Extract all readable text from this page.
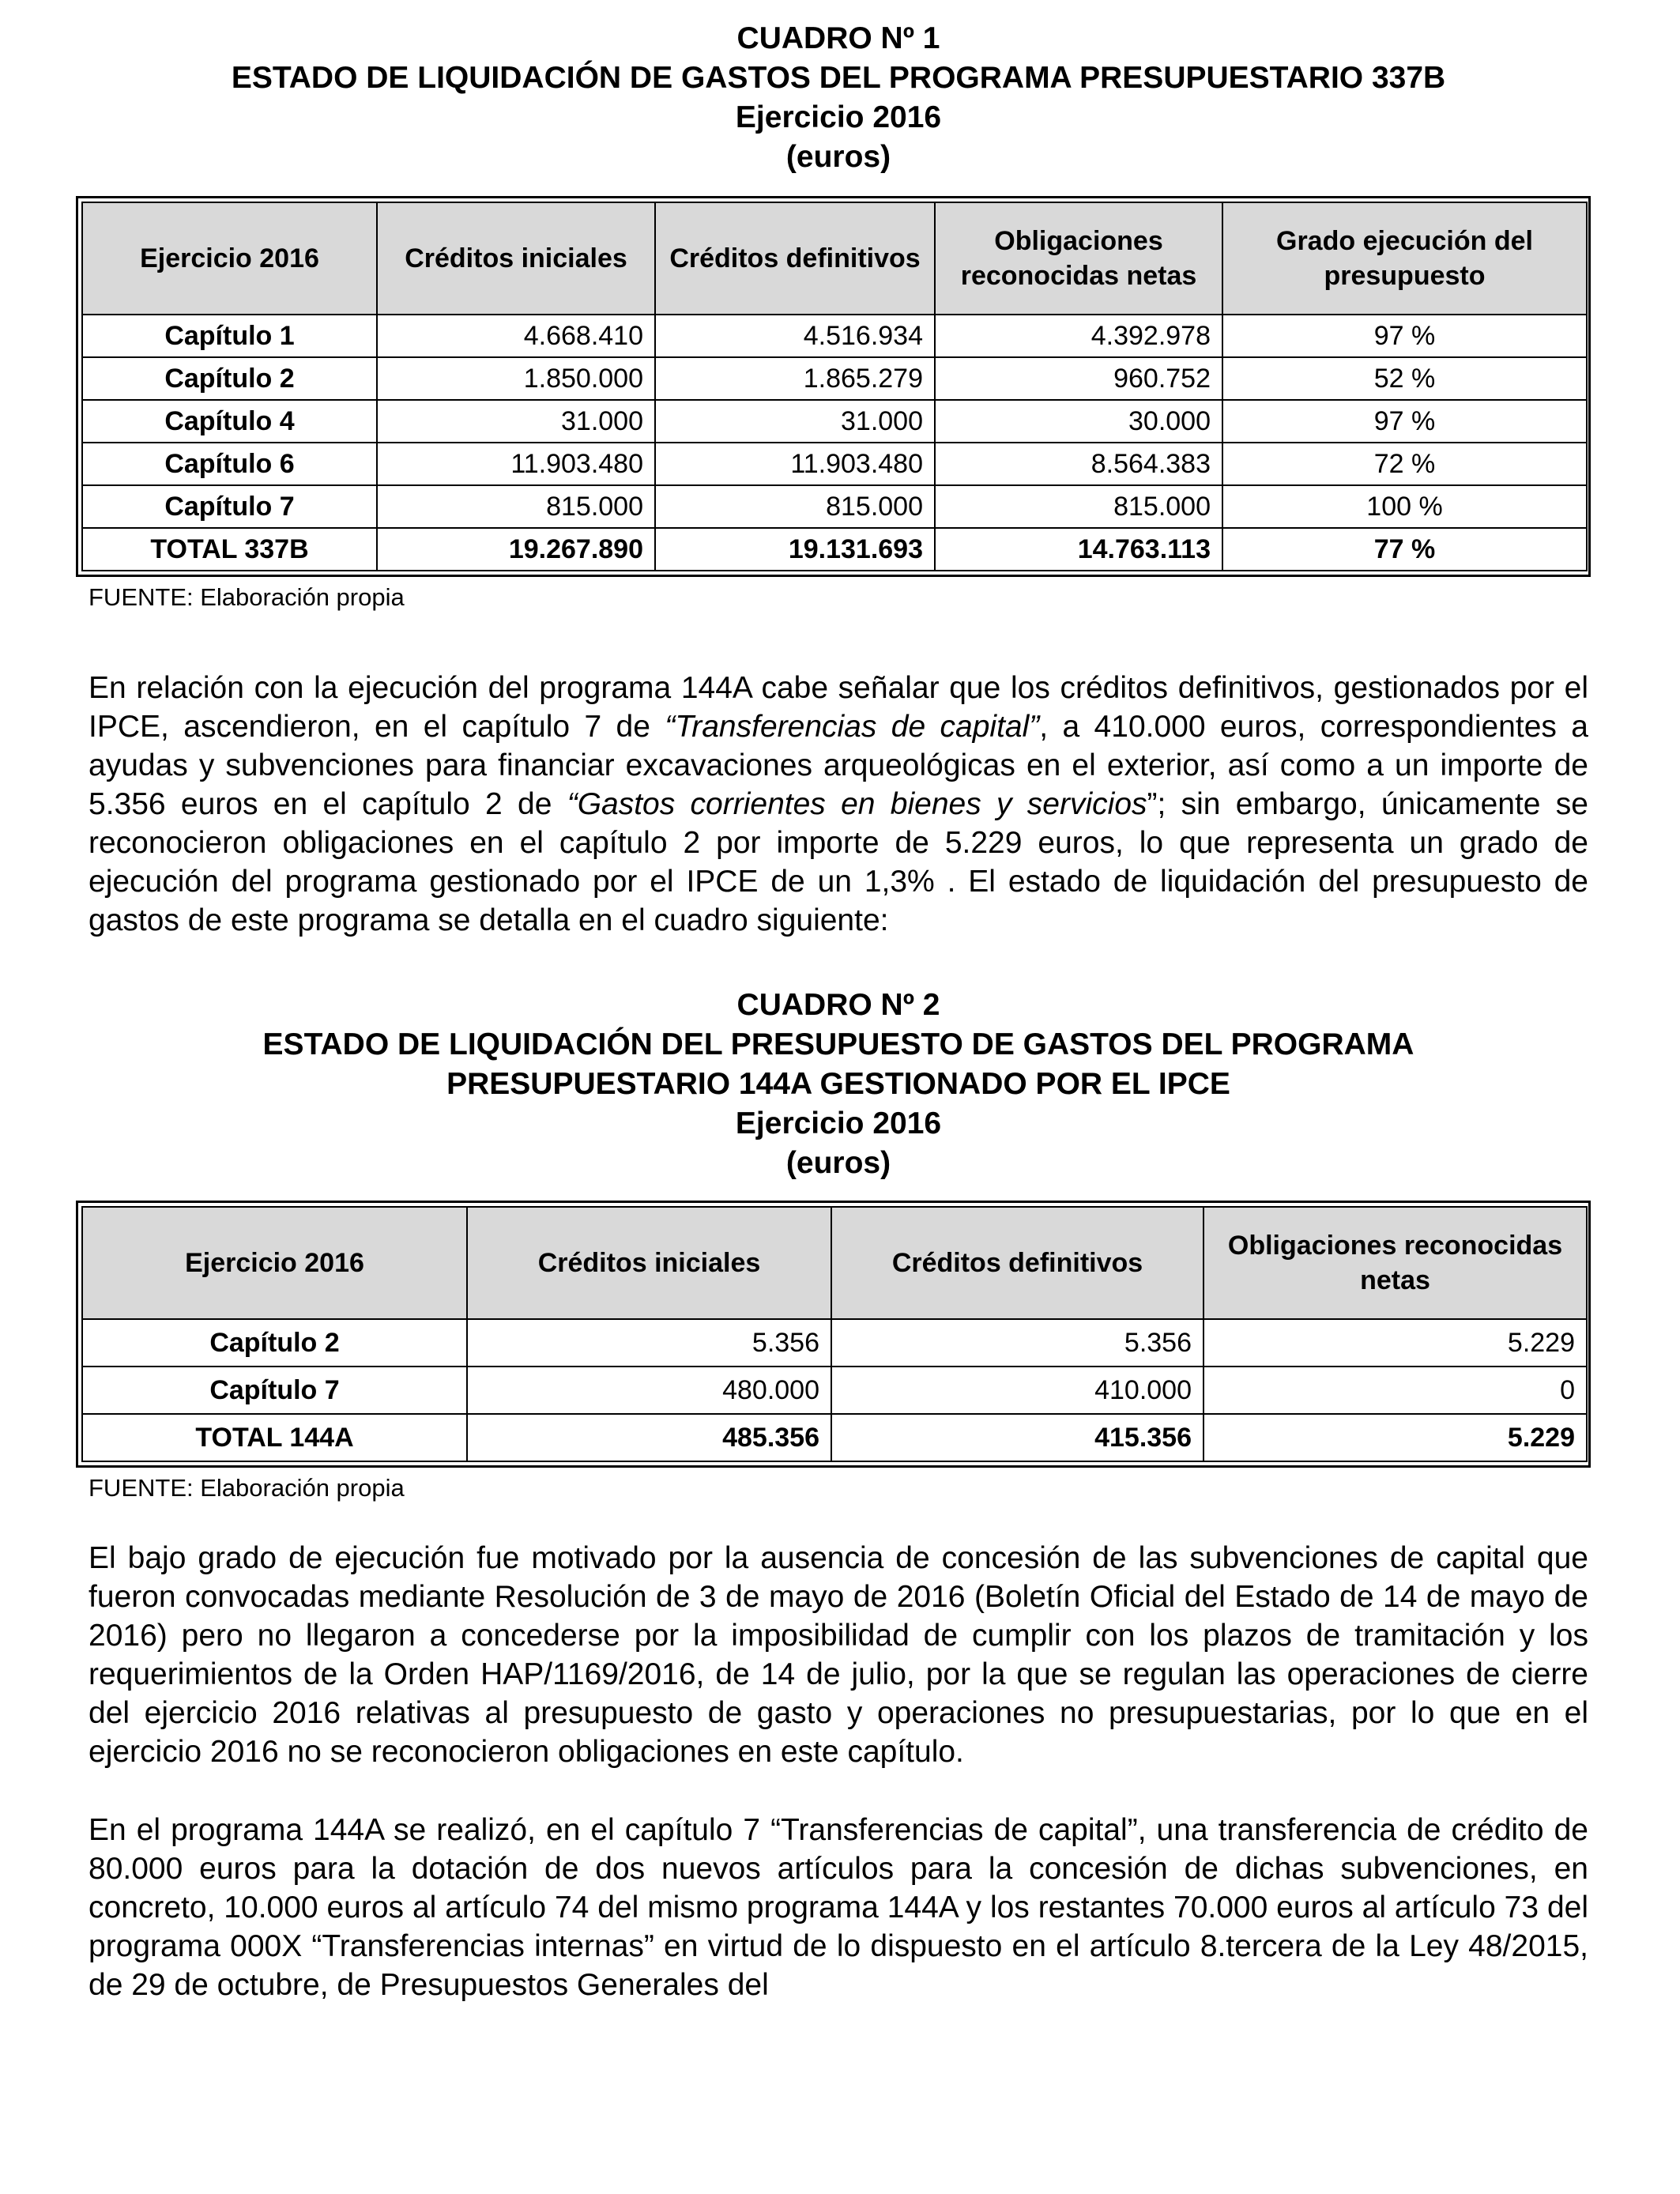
CUADRO Nº 1
ESTADO DE LIQUIDACIÓN DE GASTOS DEL PROGRAMA PRESUPUESTARIO 337B
Ejercicio 2016
(euros)
Ejercicio 2016	Créditos iniciales	Créditos definitivos	Obligaciones reconocidas netas	Grado ejecución del presupuesto
Capítulo 1	4.668.410	4.516.934	4.392.978	97 %
Capítulo 2	1.850.000	1.865.279	960.752	52 %
Capítulo 4	31.000	31.000	30.000	97 %
Capítulo 6	11.903.480	11.903.480	8.564.383	72 %
Capítulo 7	815.000	815.000	815.000	100 %
TOTAL 337B	19.267.890	19.131.693	14.763.113	77 %
FUENTE: Elaboración propia

En relación con la ejecución del programa 144A cabe señalar que los créditos definitivos, gestionados por el IPCE, ascendieron, en el capítulo 7 de “Transferencias de capital”, a 410.000 euros, correspondientes a ayudas y subvenciones para financiar excavaciones arqueológicas en el exterior, así como a un importe de 5.356 euros en el capítulo 2 de “Gastos corrientes en bienes y servicios”; sin embargo, únicamente se reconocieron obligaciones en el capítulo 2 por importe de 5.229 euros, lo que representa un grado de ejecución del programa gestionado por el IPCE de un 1,3% . El estado de liquidación del presupuesto de gastos de este programa se detalla en el cuadro siguiente:

CUADRO Nº 2
ESTADO DE LIQUIDACIÓN DEL PRESUPUESTO DE GASTOS DEL PROGRAMA
PRESUPUESTARIO 144A GESTIONADO POR EL IPCE
Ejercicio 2016
(euros)
Ejercicio 2016	Créditos iniciales	Créditos definitivos	Obligaciones reconocidas netas
Capítulo 2	5.356	5.356	5.229
Capítulo 7	480.000	410.000	0
TOTAL 144A	485.356	415.356	5.229
FUENTE: Elaboración propia

El bajo grado de ejecución fue motivado por la ausencia de concesión de las subvenciones de capital que fueron convocadas mediante Resolución de 3 de mayo de 2016 (Boletín Oficial del Estado de 14 de mayo de 2016) pero no llegaron a concederse por la imposibilidad de cumplir con los plazos de tramitación y los requerimientos de la Orden HAP/1169/2016, de 14 de julio, por la que se regulan las operaciones de cierre del ejercicio 2016 relativas al presupuesto de gasto y operaciones no presupuestarias, por lo que en el ejercicio 2016 no se reconocieron obligaciones en este capítulo.

En el programa 144A se realizó, en el capítulo 7 “Transferencias de capital”, una transferencia de crédito de 80.000 euros para la dotación de dos nuevos artículos para la concesión de dichas subvenciones, en concreto, 10.000 euros al artículo 74 del mismo programa 144A y los restantes 70.000 euros al artículo 73 del programa 000X “Transferencias internas” en virtud de lo dispuesto en el artículo 8.tercera de la Ley 48/2015, de 29 de octubre, de Presupuestos Generales del
